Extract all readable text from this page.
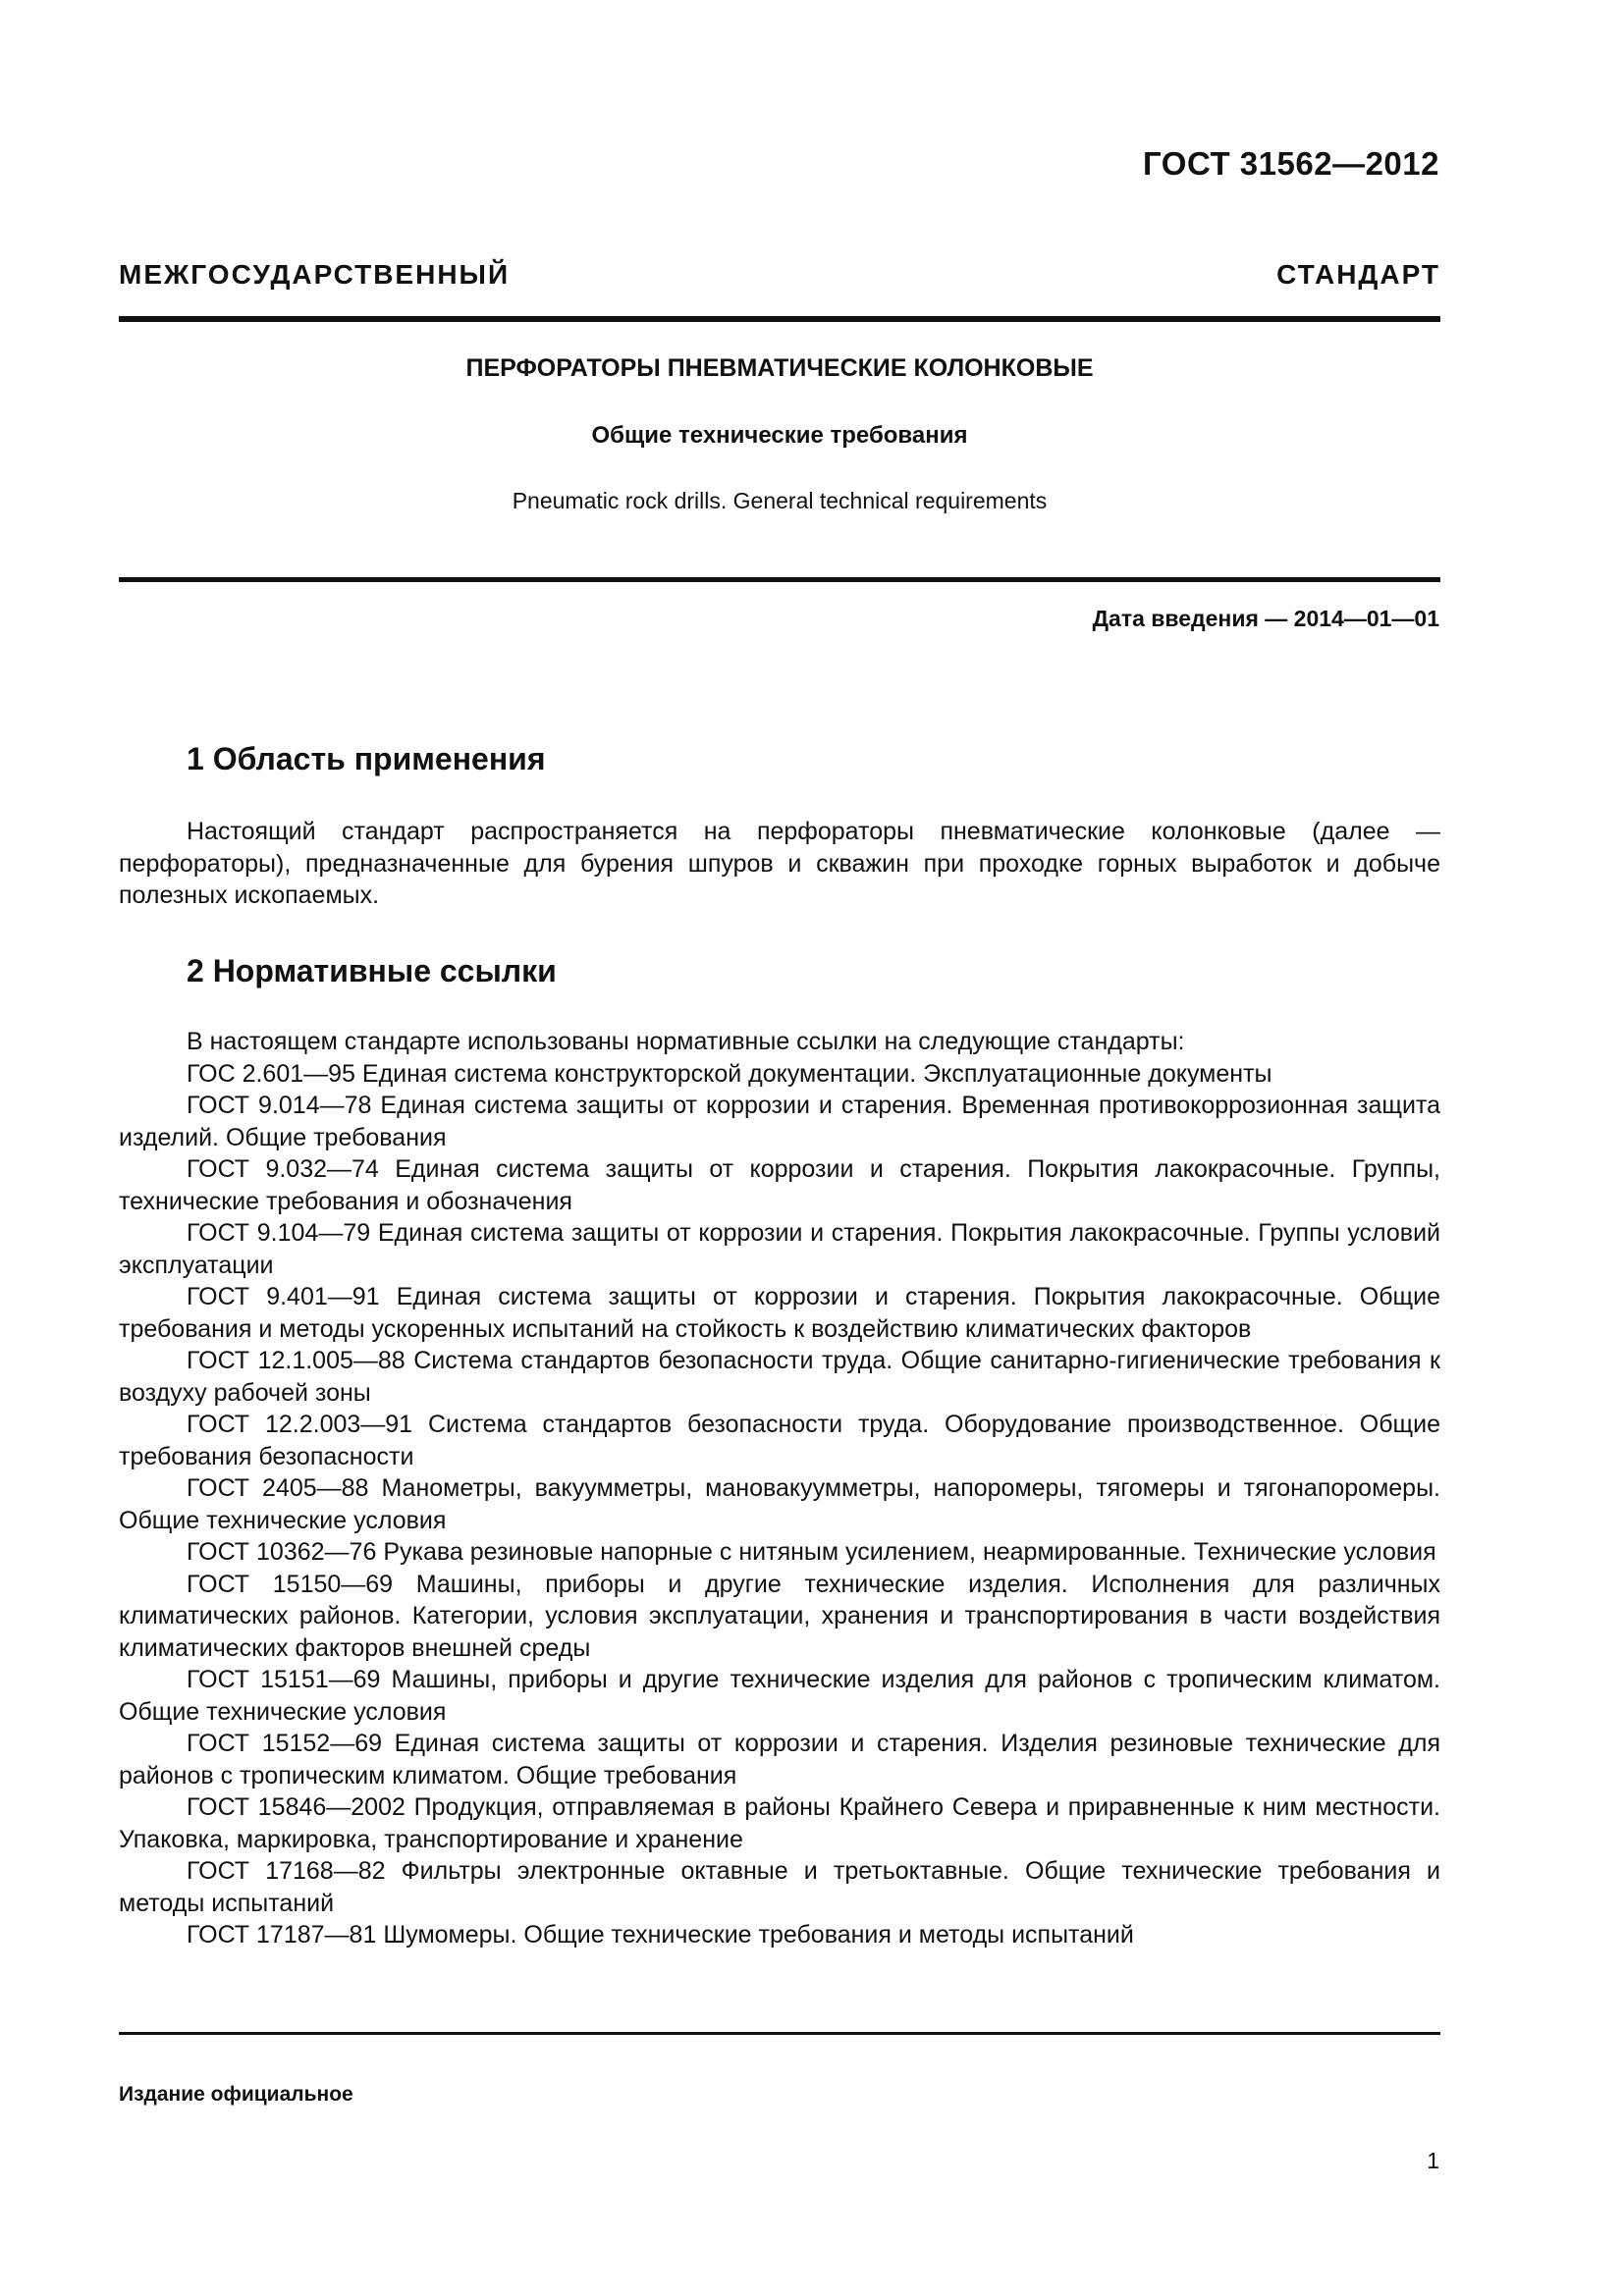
ГОСТ 31562—2012
МЕЖГОСУДАРСТВЕННЫЙ СТАНДАРТ
ПЕРФОРАТОРЫ ПНЕВМАТИЧЕСКИЕ КОЛОНКОВЫЕ
Общие технические требования
Pneumatic rock drills. General technical requirements
Дата введения — 2014—01—01
1 Область применения

Настоящий стандарт распространяется на перфораторы пневматические колонковые (далее — перфораторы), предназначенные для бурения шпуров и скважин при проходке горных выработок и добыче полезных ископаемых.

2 Нормативные ссылки

В настоящем стандарте использованы нормативные ссылки на следующие стандарты:

ГОС 2.601—95 Единая система конструкторской документации. Эксплуатационные документы

ГОСТ 9.014—78 Единая система защиты от коррозии и старения. Временная противокоррозионная защита изделий. Общие требования

ГОСТ 9.032—74 Единая система защиты от коррозии и старения. Покрытия лакокрасочные. Группы, технические требования и обозначения

ГОСТ 9.104—79 Единая система защиты от коррозии и старения. Покрытия лакокрасочные. Группы условий эксплуатации

ГОСТ 9.401—91 Единая система защиты от коррозии и старения. Покрытия лакокрасочные. Общие требования и методы ускоренных испытаний на стойкость к воздействию климатических факторов

ГОСТ 12.1.005—88 Система стандартов безопасности труда. Общие санитарно-гигиенические требования к воздуху рабочей зоны

ГОСТ 12.2.003—91 Система стандартов безопасности труда. Оборудование производственное. Общие требования безопасности

ГОСТ 2405—88 Манометры, вакуумметры, мановакуумметры, напоромеры, тягомеры и тягонапоромеры. Общие технические условия

ГОСТ 10362—76 Рукава резиновые напорные с нитяным усилением, неармированные. Технические условия

ГОСТ 15150—69 Машины, приборы и другие технические изделия. Исполнения для различных климатических районов. Категории, условия эксплуатации, хранения и транспортирования в части воздействия климатических факторов внешней среды

ГОСТ 15151—69 Машины, приборы и другие технические изделия для районов с тропическим климатом. Общие технические условия

ГОСТ 15152—69 Единая система защиты от коррозии и старения. Изделия резиновые технические для районов с тропическим климатом. Общие требования

ГОСТ 15846—2002 Продукция, отправляемая в районы Крайнего Севера и приравненные к ним местности. Упаковка, маркировка, транспортирование и хранение

ГОСТ 17168—82 Фильтры электронные октавные и третьоктавные. Общие технические требования и методы испытаний

ГОСТ 17187—81 Шумомеры. Общие технические требования и методы испытаний

Издание официальное
1
